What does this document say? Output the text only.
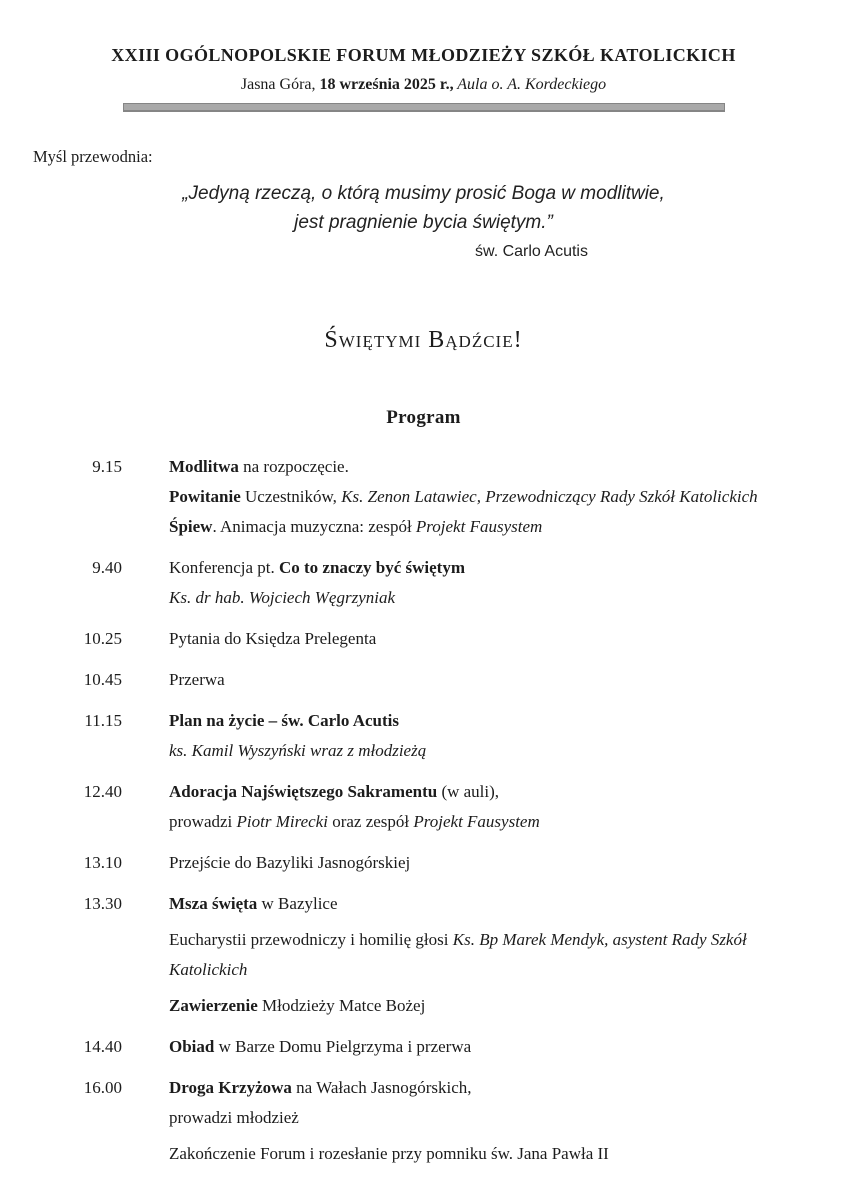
XXIII OGÓLNOPOLSKIE FORUM MŁODZIEŻY SZKÓŁ KATOLICKICH
Jasna Góra, 18 września 2025 r., Aula o. A. Kordeckiego
Myśl przewodnia:
„Jedyną rzeczą, o którą musimy prosić Boga w modlitwie,
jest pragnienie bycia świętym.”
św. Carlo Acutis
Świętymi Bądźcie!
Program
9.15	Modlitwa na rozpoczęcie.
Powitanie Uczestników, Ks. Zenon Latawiec, Przewodniczący Rady Szkół Katolickich
Śpiew. Animacja muzyczna: zespół Projekt Fausystem
9.40	Konferencja pt. Co to znaczy być świętym
Ks. dr hab. Wojciech Węgrzyniak
10.25	Pytania do Księdza Prelegenta
10.45	Przerwa
11.15	Plan na życie – św. Carlo Acutis
ks. Kamil Wyszyński wraz z młodzieżą
12.40	Adoracja Najświętszego Sakramentu (w auli),
prowadzi Piotr Mirecki oraz zespół Projekt Fausystem
13.10	Przejście do Bazyliki Jasnogórskiej
13.30	Msza święta w Bazylice
Eucharystii przewodniczy i homilię głosi Ks. Bp Marek Mendyk, asystent Rady Szkół Katolickich
Zawierzenie Młodzieży Matce Bożej
14.40	Obiad w Barze Domu Pielgrzyma i przerwa
16.00	Droga Krzyżowa na Wałach Jasnogórskich,
prowadzi młodzież
Zakończenie Forum i rozesłanie przy pomniku św. Jana Pawła II
